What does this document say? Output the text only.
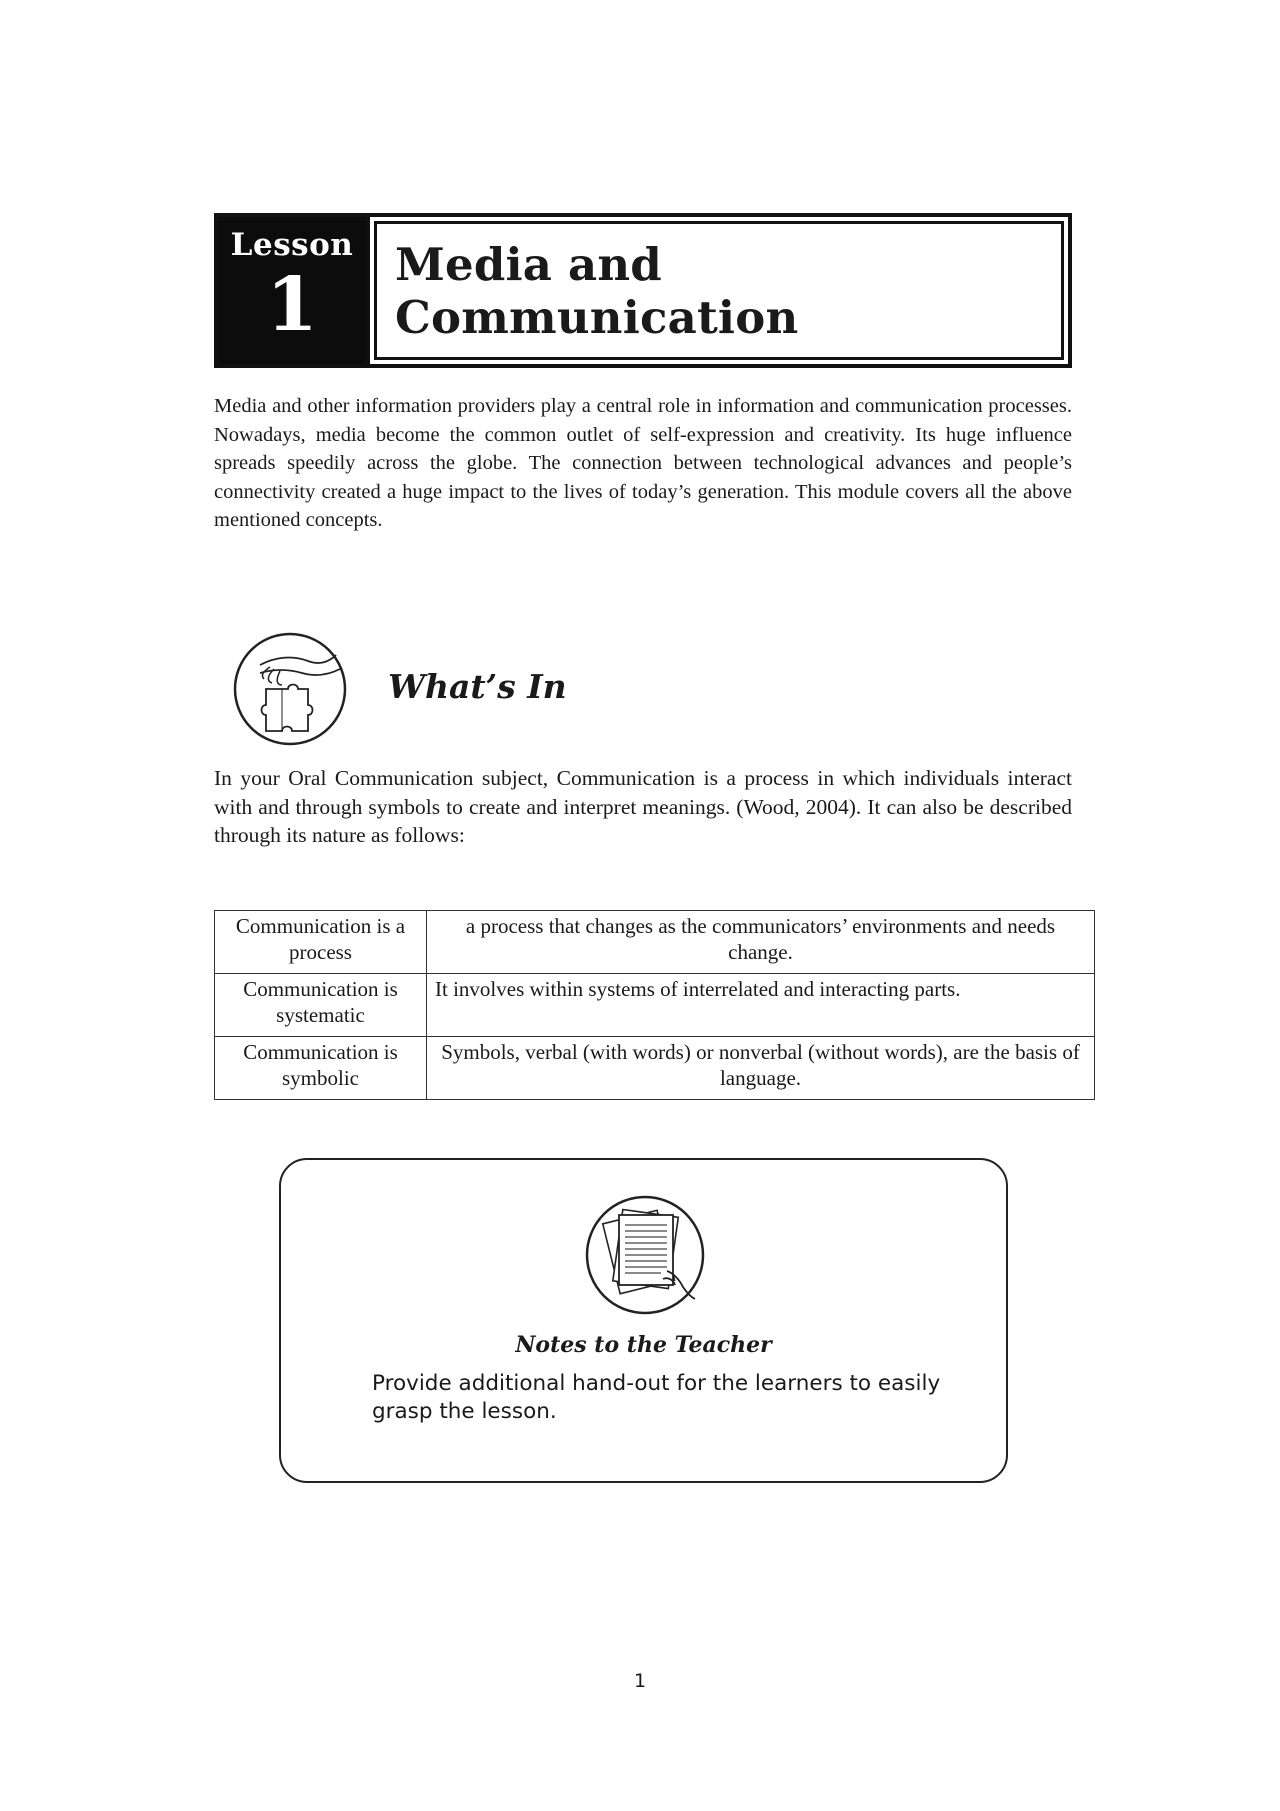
Lesson
1 Media and Communication

Media and other information providers play a central role in information and communication processes. Nowadays, media become the common outlet of self-expression and creativity. Its huge influence spreads speedily across the globe. The connection between technological advances and people’s connectivity created a huge impact to the lives of today’s generation. This module covers all the above mentioned concepts.

What’s In

In your Oral Communication subject, Communication is a process in which individuals interact with and through symbols to create and interpret meanings. (Wood, 2004). It can also be described through its nature as follows:

Communication is a process	a process that changes as the communicators’ environments and needs change.
Communication is systematic	It involves within systems of interrelated and interacting parts.
Communication is symbolic	Symbols, verbal (with words) or nonverbal (without words), are the basis of language.
Notes to the Teacher

Provide additional hand-out for the learners to easily grasp the lesson.

1
